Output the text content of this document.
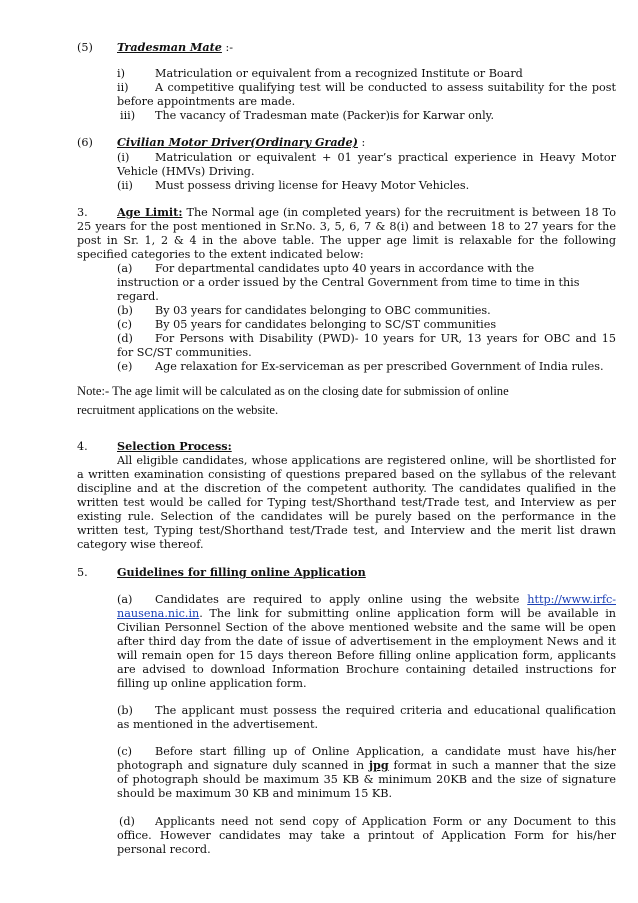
(5) Tradesman Mate :-
i)	Matriculation or equivalent from a recognized Institute or Board
ii) A competitive qualifying test will be conducted to assess suitability for the post
before appointments are made.
iii) The vacancy of Tradesman mate (Packer)is for Karwar only.
(6) Civilian Motor Driver(Ordinary Grade) :
(i) Matriculation or equivalent + 01 year’s practical experience in Heavy Motor
Vehicle (HMVs) Driving.
(ii) Must possess driving license for Heavy Motor Vehicles.
3.	Age Limit: The Normal age (in completed years) for the recruitment is between 18 To
25 years for the post mentioned in Sr.No. 3, 5, 6, 7 & 8(i) and between 18 to 27 years for the
post in Sr. 1, 2 & 4 in the above table. The upper age limit is relaxable for the following
specified categories to the extent indicated below:
(a) For departmental candidates upto 40 years in accordance with the
instruction or a order issued by the Central Government from time to time in this
regard.
(b) By 03 years for candidates belonging to OBC communities.
(c) By 05 years for candidates belonging to SC/ST communities
(d) For Persons with Disability (PWD)- 10 years for UR, 13 years for OBC and 15
for SC/ST communities.
(e) Age relaxation for Ex-serviceman as per prescribed Government of India rules.
Note:- The age limit will be calculated as on the closing date for submission of online
recruitment applications on the website.
4.	Selection Process:
All eligible candidates, whose applications are registered online, will be shortlisted for
a written examination consisting of questions prepared based on the syllabus of the relevant
discipline and at the discretion of the competent authority. The candidates qualified in the
written test would be called for Typing test/Shorthand test/Trade test, and Interview as per
existing rule. Selection of the candidates will be purely based on the performance in the
written test, Typing test/Shorthand test/Trade test, and Interview and the merit list drawn
category wise thereof.
5.	Guidelines for filling online Application
(a) Candidates are required to apply online using the website http://www.irfc-
nausena.nic.in. The link for submitting online application form will be available in
Civilian Personnel Section of the above mentioned website and the same will be open
after third day from the date of issue of advertisement in the employment News and it
will remain open for 15 days thereon Before filling online application form, applicants
are advised to download Information Brochure containing detailed instructions for
filling up online application form.
(b) The applicant must possess the required criteria and educational qualification
as mentioned in the advertisement.
(c) Before start filling up of Online Application, a candidate must have his/her
photograph and signature duly scanned in jpg format in such a manner that the size
of photograph should be maximum 35 KB & minimum 20KB and the size of signature
should be maximum 30 KB and minimum 15 KB.
(d) Applicants need not send copy of Application Form or any Document to this
office. However candidates may take a printout of Application Form for his/her
personal record.
